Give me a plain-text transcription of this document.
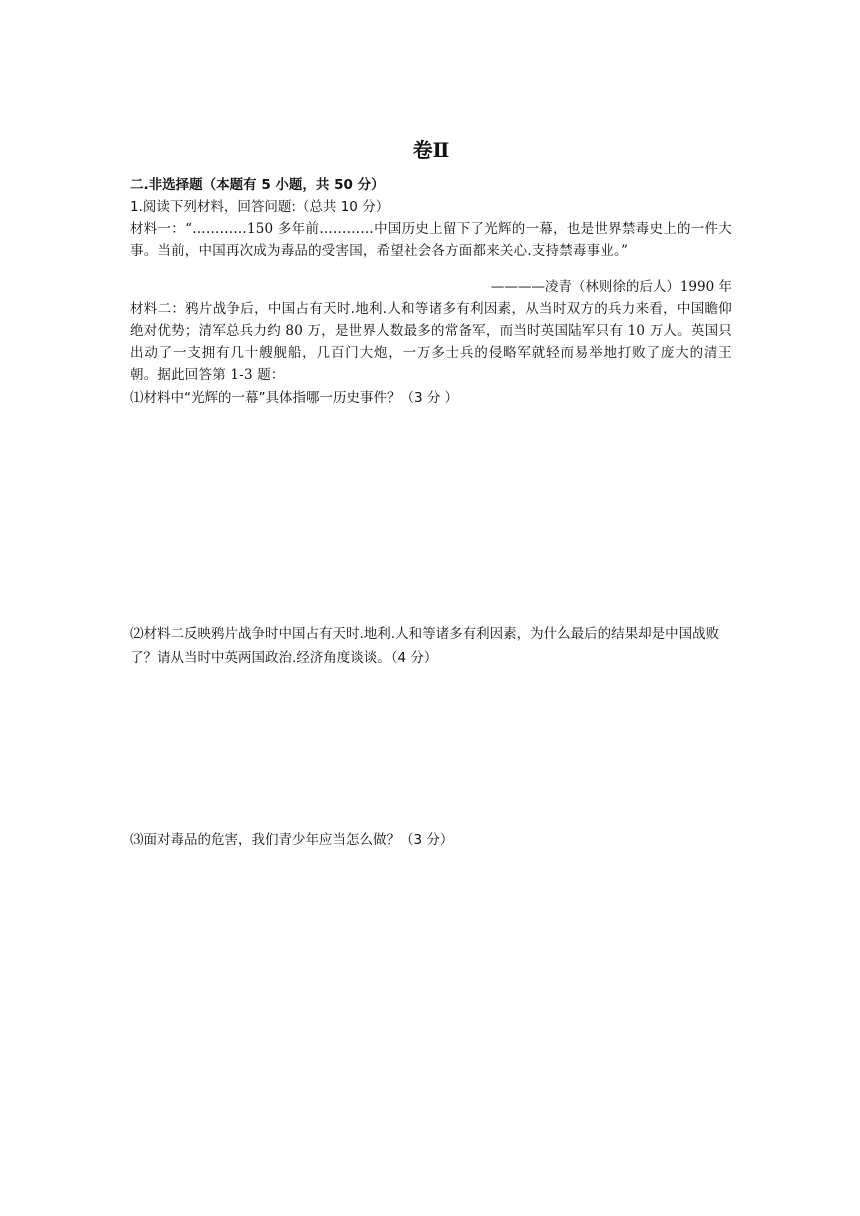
卷Ⅱ
二.非选择题（本题有 5 小题，共 50 分）
1.阅读下列材料，回答问题:（总共 10 分）

材料一：“…………150 多年前…………中国历史上留下了光辉的一幕，也是世界禁毒史上的一件大事。当前，中国再次成为毒品的受害国，希望社会各方面都来关心.支持禁毒事业。”

————凌青（林则徐的后人）1990 年

材料二：鸦片战争后，中国占有天时.地利.人和等诸多有利因素，从当时双方的兵力来看，中国瞻仰绝对优势；清军总兵力约 80 万，是世界人数最多的常备军，而当时英国陆军只有 10 万人。英国只出动了一支拥有几十艘舰船，几百门大炮，一万多士兵的侵略军就轻而易举地打败了庞大的清王朝。据此回答第 1-3 题：

⑴材料中“光辉的一幕”具体指哪一历史事件？（3 分 ）
⑵材料二反映鸦片战争时中国占有天时.地利.人和等诸多有利因素，为什么最后的结果却是中国战败了？请从当时中英两国政治.经济角度谈谈。（4 分）
⑶面对毒品的危害，我们青少年应当怎么做？（3 分）
